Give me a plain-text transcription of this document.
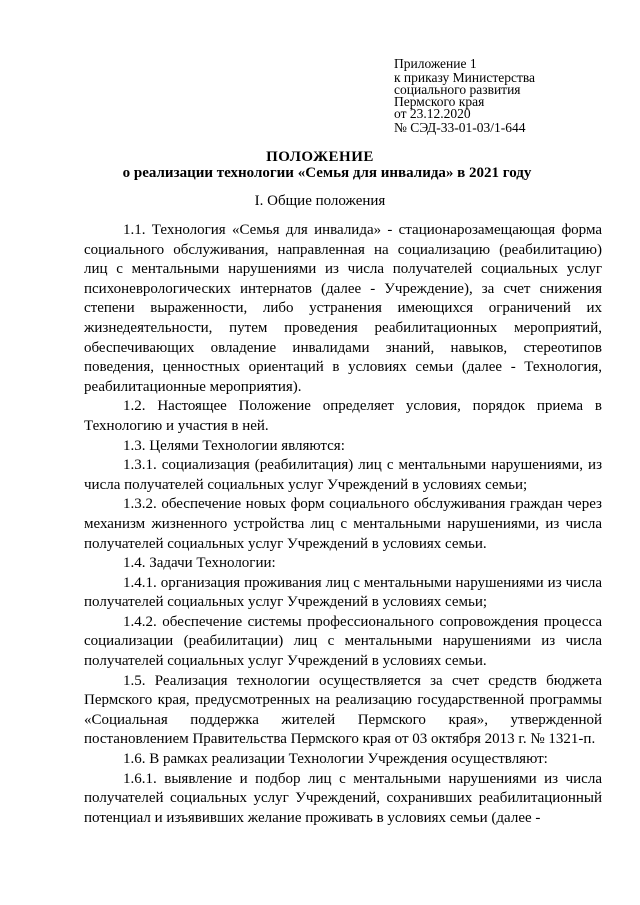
Приложение 1
к приказу Министерства
социального развития
Пермского края
от 23.12.2020
№ СЭД-33-01-03/1-644
ПОЛОЖЕНИЕ
о реализации технологии «Семья для инвалида» в 2021 году
I. Общие положения

1.1. Технология «Семья для инвалида» - стационарозамещающая форма социального обслуживания, направленная на социализацию (реабилитацию) лиц с ментальными нарушениями из числа получателей социальных услуг психоневрологических интернатов (далее - Учреждение), за счет снижения степени выраженности, либо устранения имеющихся ограничений их жизнедеятельности, путем проведения реабилитационных мероприятий, обеспечивающих овладение инвалидами знаний, навыков, стереотипов поведения, ценностных ориентаций в условиях семьи (далее - Технология, реабилитационные мероприятия).

1.2. Настоящее Положение определяет условия, порядок приема в Технологию и участия в ней.

1.3. Целями Технологии являются:

1.3.1. социализация (реабилитация) лиц с ментальными нарушениями, из числа получателей социальных услуг Учреждений в условиях семьи;

1.3.2. обеспечение новых форм социального обслуживания граждан через механизм жизненного устройства лиц с ментальными нарушениями, из числа получателей социальных услуг Учреждений в условиях семьи.

1.4. Задачи Технологии:

1.4.1. организация проживания лиц с ментальными нарушениями из числа получателей социальных услуг Учреждений в условиях семьи;

1.4.2. обеспечение системы профессионального сопровождения процесса социализации (реабилитации) лиц с ментальными нарушениями из числа получателей социальных услуг Учреждений в условиях семьи.

1.5. Реализация технологии осуществляется за счет средств бюджета Пермского края, предусмотренных на реализацию государственной программы «Социальная поддержка жителей Пермского края», утвержденной постановлением Правительства Пермского края от 03 октября 2013 г. № 1321-п.

1.6. В рамках реализации Технологии Учреждения осуществляют:

1.6.1. выявление и подбор лиц с ментальными нарушениями из числа получателей социальных услуг Учреждений, сохранивших реабилитационный потенциал и изъявивших желание проживать в условиях семьи (далее -
